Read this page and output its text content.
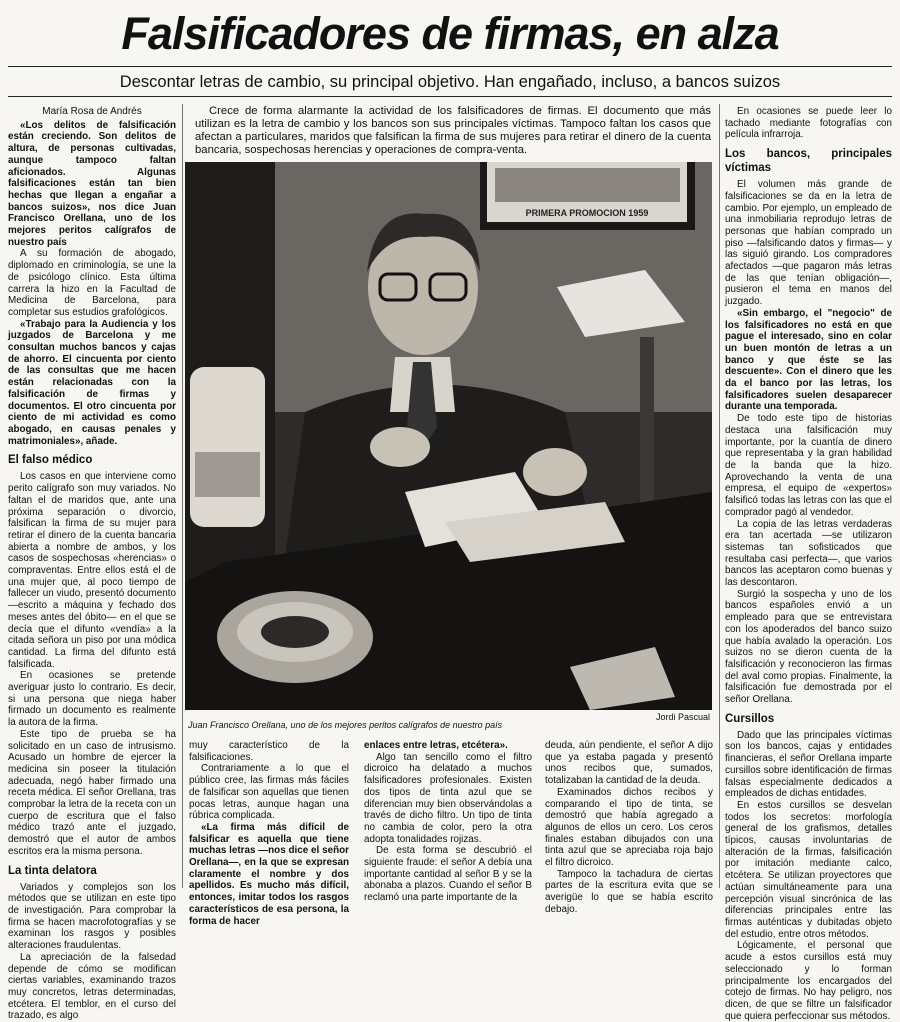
Falsificadores de firmas, en alza
Descontar letras de cambio, su principal objetivo. Han engañado, incluso, a bancos suizos

María Rosa de Andrés

«Los delitos de falsificación están creciendo. Son delitos de altura, de personas cultivadas, aunque tampoco faltan aficionados. Algunas falsificaciones están tan bien hechas que llegan a engañar a bancos suizos», nos dice Juan Francisco Orellana, uno de los mejores peritos calígrafos de nuestro país

A su formación de abogado, diplomado en criminología, se une la de psicólogo clínico. Esta última carrera la hizo en la Facultad de Medicina de Barcelona, para completar sus estudios grafológicos.

«Trabajo para la Audiencia y los juzgados de Barcelona y me consultan muchos bancos y cajas de ahorro. El cincuenta por ciento de las consultas que me hacen están relacionadas con la falsificación de firmas y documentos. El otro cincuenta por ciento de mi actividad es como abogado, en causas penales y matrimoniales», añade.

El falso médico

Los casos en que interviene como perito calígrafo son muy variados. No faltan el de maridos que, ante una próxima separación o divorcio, falsifican la firma de su mujer para retirar el dinero de la cuenta bancaria abierta a nombre de ambos, y los casos de sospechosas «herencias» o compraventas. Entre ellos está el de una mujer que, al poco tiempo de fallecer un viudo, presentó documento —escrito a máquina y fechado dos meses antes del óbito— en el que se decía que el difunto «vendía» a la citada señora un piso por una módica cantidad. La firma del difunto está falsificada.

En ocasiones se pretende averiguar justo lo contrario. Es decir, si una persona que niega haber firmado un documento es realmente la autora de la firma.

Este tipo de prueba se ha solicitado en un caso de intrusismo. Acusado un hombre de ejercer la medicina sin poseer la titulación adecuada, negó haber firmado una receta médica. El señor Orellana, tras comprobar la letra de la receta con un cuerpo de escritura que el falso médico trazó ante el juzgado, demostró que el autor de ambos escritos era la misma persona.

La tinta delatora

Variados y complejos son los métodos que se utilizan en este tipo de investigación. Para comprobar la firma se hacen macrofotografías y se examinan los rasgos y posibles alteraciones fraudulentas.

La apreciación de la falsedad depende de cómo se modifican ciertas variables, examinando trazos muy concretos, letras determinadas, etcétera. El temblor, en el curso del trazado, es algo

Crece de forma alarmante la actividad de los falsificadores de firmas. El documento que más utilizan es la letra de cambio y los bancos son sus principales víctimas. Tampoco faltan los casos que afectan a particulares, maridos que falsifican la firma de sus mujeres para retirar el dinero de la cuenta bancaria, sospechosas herencias y operaciones de compra-venta.
PRIMERA PROMOCION 1959
Juan Francisco Orellana, uno de los mejores peritos calígrafos de nuestro país
Jordi Pascual

muy característico de la falsificaciones.

Contrariamente a lo que el público cree, las firmas más fáciles de falsificar son aquellas que tienen pocas letras, aunque hagan una rúbrica complicada.

«La firma más difícil de falsificar es aquella que tiene muchas letras —nos dice el señor Orellana—, en la que se expresan claramente el nombre y dos apellidos. Es mucho más difícil, entonces, imitar todos los rasgos característicos de esa persona, la forma de hacer

enlaces entre letras, etcétera».

Algo tan sencillo como el filtro dicroico ha delatado a muchos falsificadores profesionales. Existen dos tipos de tinta azul que se diferencian muy bien observándolas a través de dicho filtro. Un tipo de tinta no cambia de color, pero la otra adopta tonalidades rojizas.

De esta forma se descubrió el siguiente fraude: el señor A debía una importante cantidad al señor B y se la abonaba a plazos. Cuando el señor B reclamó una parte importante de la

deuda, aún pendiente, el señor A dijo que ya estaba pagada y presentó unos recibos que, sumados, totalizaban la cantidad de la deuda.

Examinados dichos recibos y comparando el tipo de tinta, se demostró que había agregado a algunos de ellos un cero. Los ceros finales estaban dibujados con una tinta azul que se apreciaba roja bajo el filtro dicroico.

Tampoco la tachadura de ciertas partes de la escritura evita que se averigüe lo que se había escrito debajo.

En ocasiones se puede leer lo tachado mediante fotografías con película infrarroja.

Los bancos, principales víctimas

El volumen más grande de falsificaciones se da en la letra de cambio. Por ejemplo, un empleado de una inmobiliaria reprodujo letras de personas que habían comprado un piso —falsificando datos y firmas— y las siguió girando. Los compradores afectados —que pagaron más letras de las que tenían obligación—, pusieron el tema en manos del juzgado.

«Sin embargo, el "negocio" de los falsificadores no está en que pague el interesado, sino en colar un buen montón de letras a un banco y que éste se las descuente». Con el dinero que les da el banco por las letras, los falsificadores suelen desaparecer durante una temporada.

De todo este tipo de historias destaca una falsificación muy importante, por la cuantía de dinero que representaba y la gran habilidad de la banda que la hizo. Aprovechando la venta de una empresa, el equipo de «expertos» falsificó todas las letras con las que el comprador pagó al vendedor.

La copia de las letras verdaderas era tan acertada —se utilizaron sistemas tan sofisticados que resultaba casi perfecta—, que varios bancos las aceptaron como buenas y las descontaron.

Surgió la sospecha y uno de los bancos españoles envió a un empleado para que se entrevistara con los apoderados del banco suizo que había avalado la operación. Los suizos no se dieron cuenta de la falsificación y reconocieron las firmas del aval como propias. Finalmente, la falsificación fue demostrada por el señor Orellana.

Cursillos

Dado que las principales víctimas son los bancos, cajas y entidades financieras, el señor Orellana imparte cursillos sobre identificación de firmas falsas especialmente dedicados a empleados de dichas entidades.

En estos cursillos se desvelan todos los secretos: morfología general de los grafismos, detalles típicos, causas involuntarias de alteración de la firmas, falsificación por imitación mediante calco, etcétera. Se utilizan proyectores que actúan simultáneamente para una percepción visual sincrónica de las diferencias principales entre las firmas auténticas y dubitadas objeto del estudio, entre otros métodos.

Lógicamente, el personal que acude a estos cursillos está muy seleccionado y lo forman principalmente los encargados del cotejo de firmas. No hay peligro, nos dicen, de que se filtre un falsificador que quiera perfeccionar sus métodos.
